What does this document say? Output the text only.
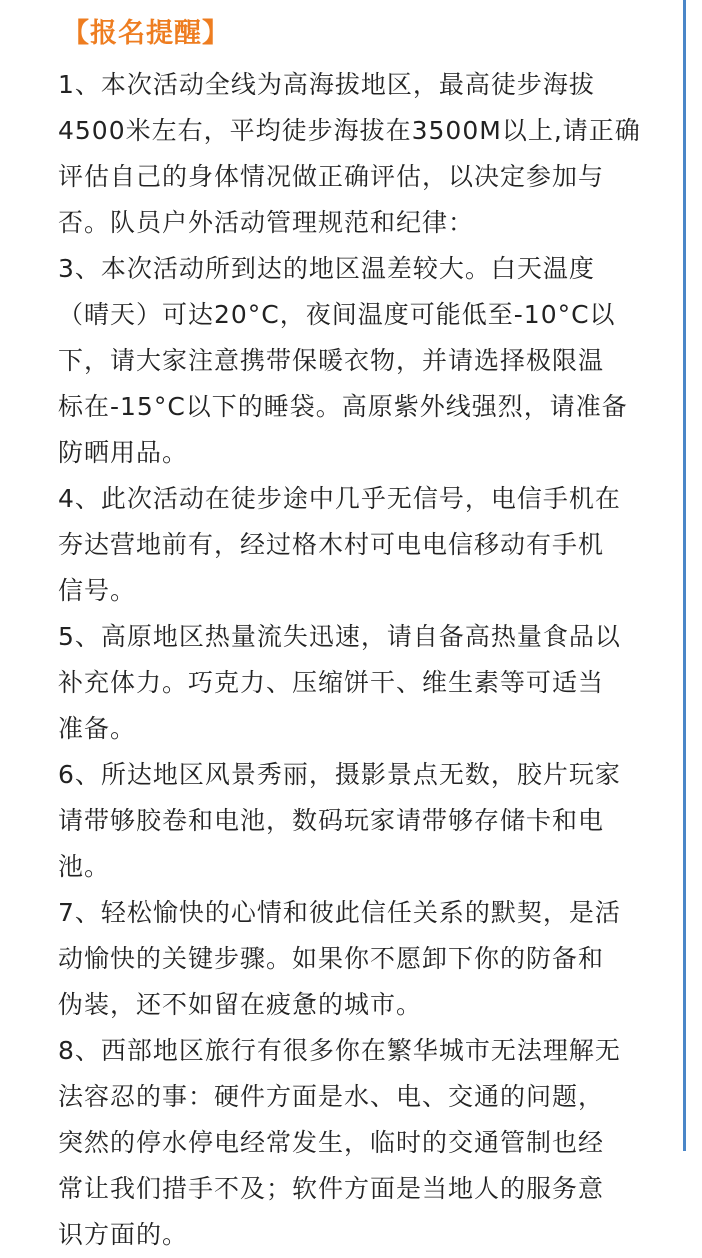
【报名提醒】

1、本次活动全线为高海拔地区，最高徒步海拔
4500米左右，平均徒步海拔在3500M以上,请正确
评估自己的身体情况做正确评估，以决定参加与
否。队员户外活动管理规范和纪律：

3、本次活动所到达的地区温差较大。白天温度
（晴天）可达20°C，夜间温度可能低至-10°C以
下，请大家注意携带保暖衣物，并请选择极限温
标在-15°C以下的睡袋。高原紫外线强烈，请准备
防晒用品。

4、此次活动在徒步途中几乎无信号，电信手机在
夯达营地前有，经过格木村可电电信移动有手机
信号。

5、高原地区热量流失迅速，请自备高热量食品以
补充体力。巧克力、压缩饼干、维生素等可适当
准备。

6、所达地区风景秀丽，摄影景点无数，胶片玩家
请带够胶卷和电池，数码玩家请带够存储卡和电
池。

7、轻松愉快的心情和彼此信任关系的默契，是活
动愉快的关键步骤。如果你不愿卸下你的防备和
伪装，还不如留在疲惫的城市。

8、西部地区旅行有很多你在繁华城市无法理解无
法容忍的事：硬件方面是水、电、交通的问题，
突然的停水停电经常发生，临时的交通管制也经
常让我们措手不及；软件方面是当地人的服务意
识方面的。
